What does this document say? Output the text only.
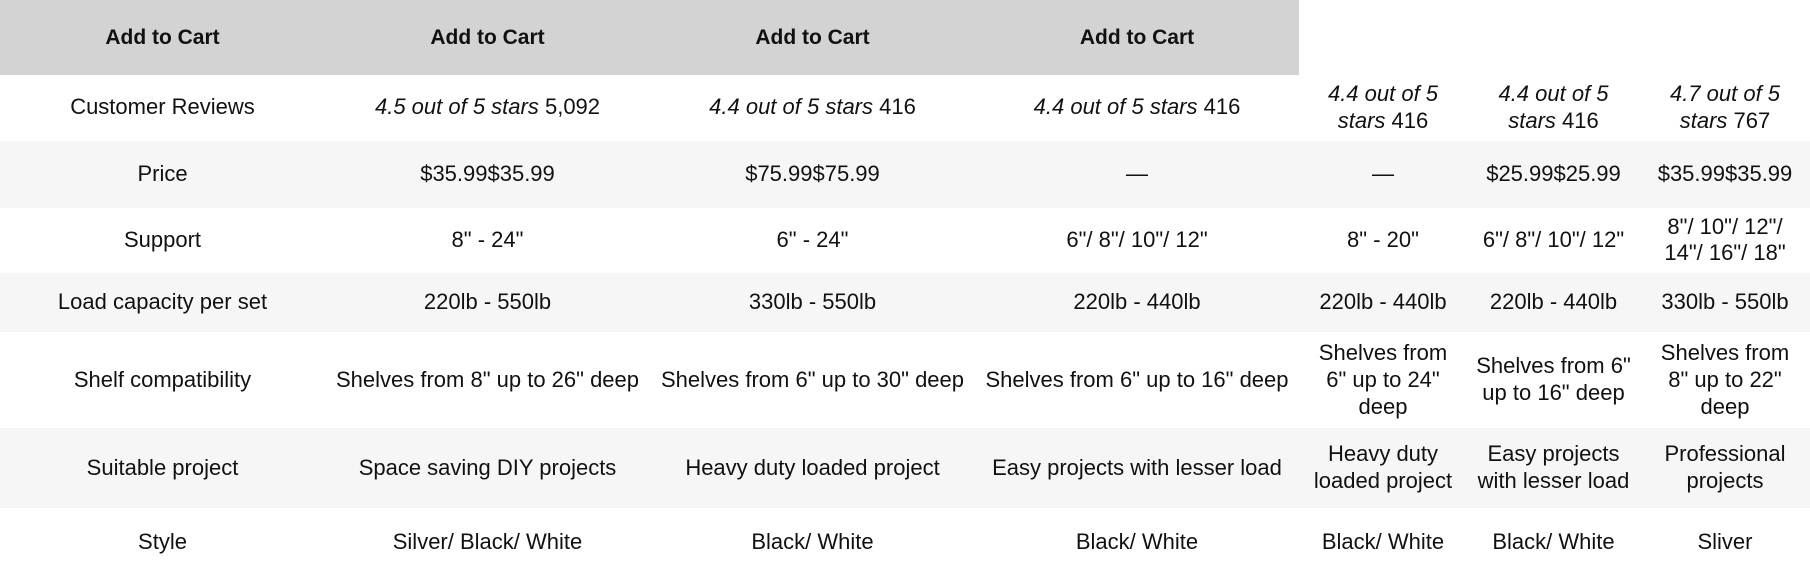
Add to Cart	Add to Cart	Add to Cart	Add to Cart			
Customer Reviews	4.5 out of 5 stars 5,092	4.4 out of 5 stars 416	4.4 out of 5 stars 416	4.4 out of 5 stars 416	4.4 out of 5 stars 416	4.7 out of 5 stars 767
Price	$35.99$35.99	$75.99$75.99	—	—	$25.99$25.99	$35.99$35.99
Support	8" - 24"	6" - 24"	6"/ 8"/ 10"/ 12"	8" - 20"	6"/ 8"/ 10"/ 12"	8"/ 10"/ 12"/ 14"/ 16"/ 18"
Load capacity per set	220lb - 550lb	330lb - 550lb	220lb - 440lb	220lb - 440lb	220lb - 440lb	330lb - 550lb
Shelf compatibility	Shelves from 8" up to 26" deep	Shelves from 6" up to 30" deep	Shelves from 6" up to 16" deep	Shelves from 6" up to 24" deep	Shelves from 6" up to 16" deep	Shelves from 8" up to 22" deep
Suitable project	Space saving DIY projects	Heavy duty loaded project	Easy projects with lesser load	Heavy duty loaded project	Easy projects with lesser load	Professional projects
Style	Silver/ Black/ White	Black/ White	Black/ White	Black/ White	Black/ White	Sliver
